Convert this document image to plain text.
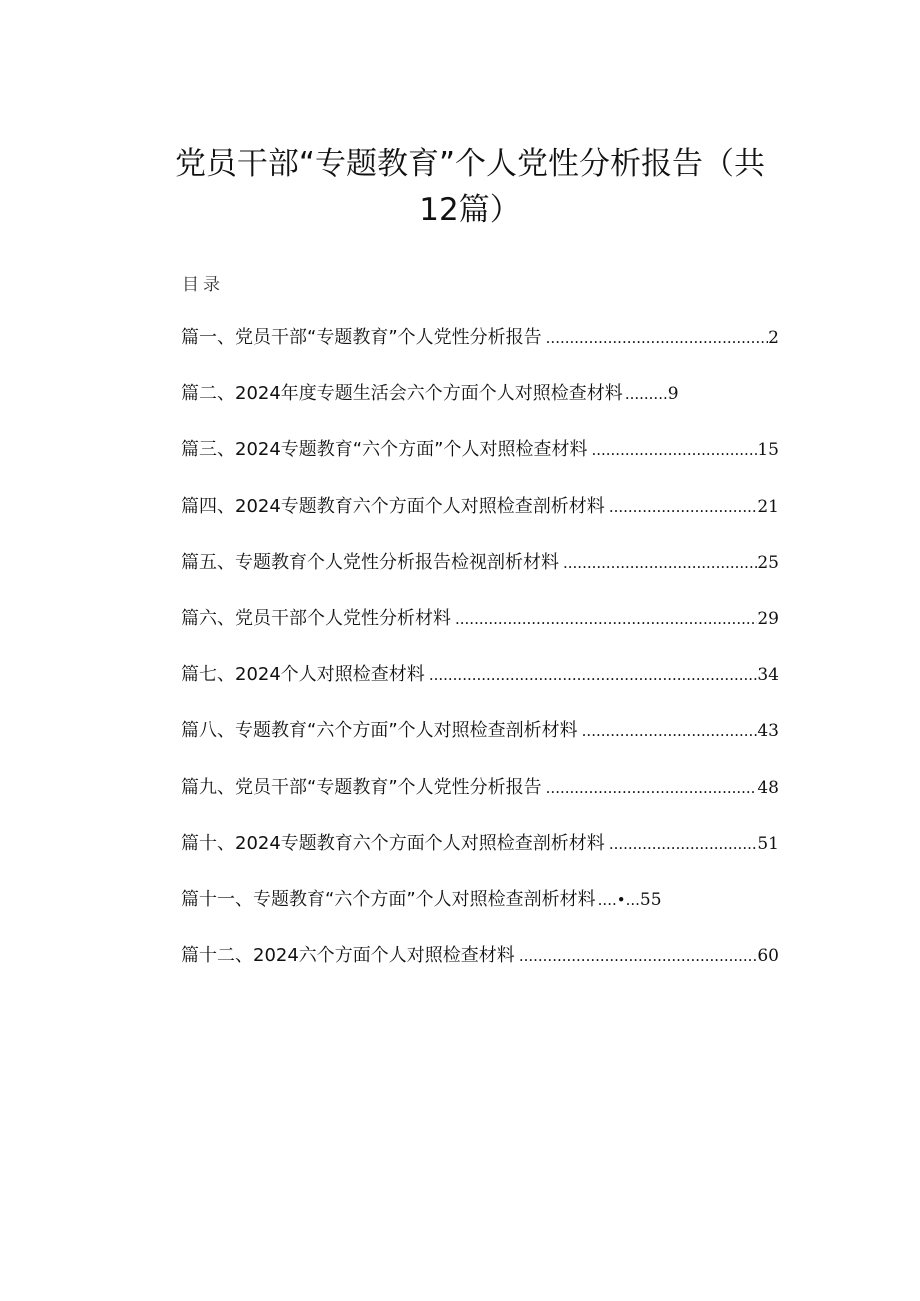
党员干部“专题教育”个人党性分析报告（共
12篇）
目录
篇一、党员干部“专题教育”个人党性分析报告 .....	2
篇二、2024年度专题生活会六个方面个人对照检查材料 .........9
篇三、2024专题教育“六个方面”个人对照检查材料 .....	15
篇四、2024专题教育六个方面个人对照检查剖析材料 .....	21
篇五、专题教育个人党性分析报告检视剖析材料 .....	25
篇六、党员干部个人党性分析材料 .....	29
篇七、2024个人对照检查材料 .....	34
篇八、专题教育“六个方面”个人对照检查剖析材料 .....	43
篇九、党员干部“专题教育”个人党性分析报告 .....	48
篇十、2024专题教育六个方面个人对照检查剖析材料 .....	51
篇十一、专题教育“六个方面”个人对照检查剖析材料 ....•...55
篇十二、2024六个方面个人对照检查材料 .....	60
